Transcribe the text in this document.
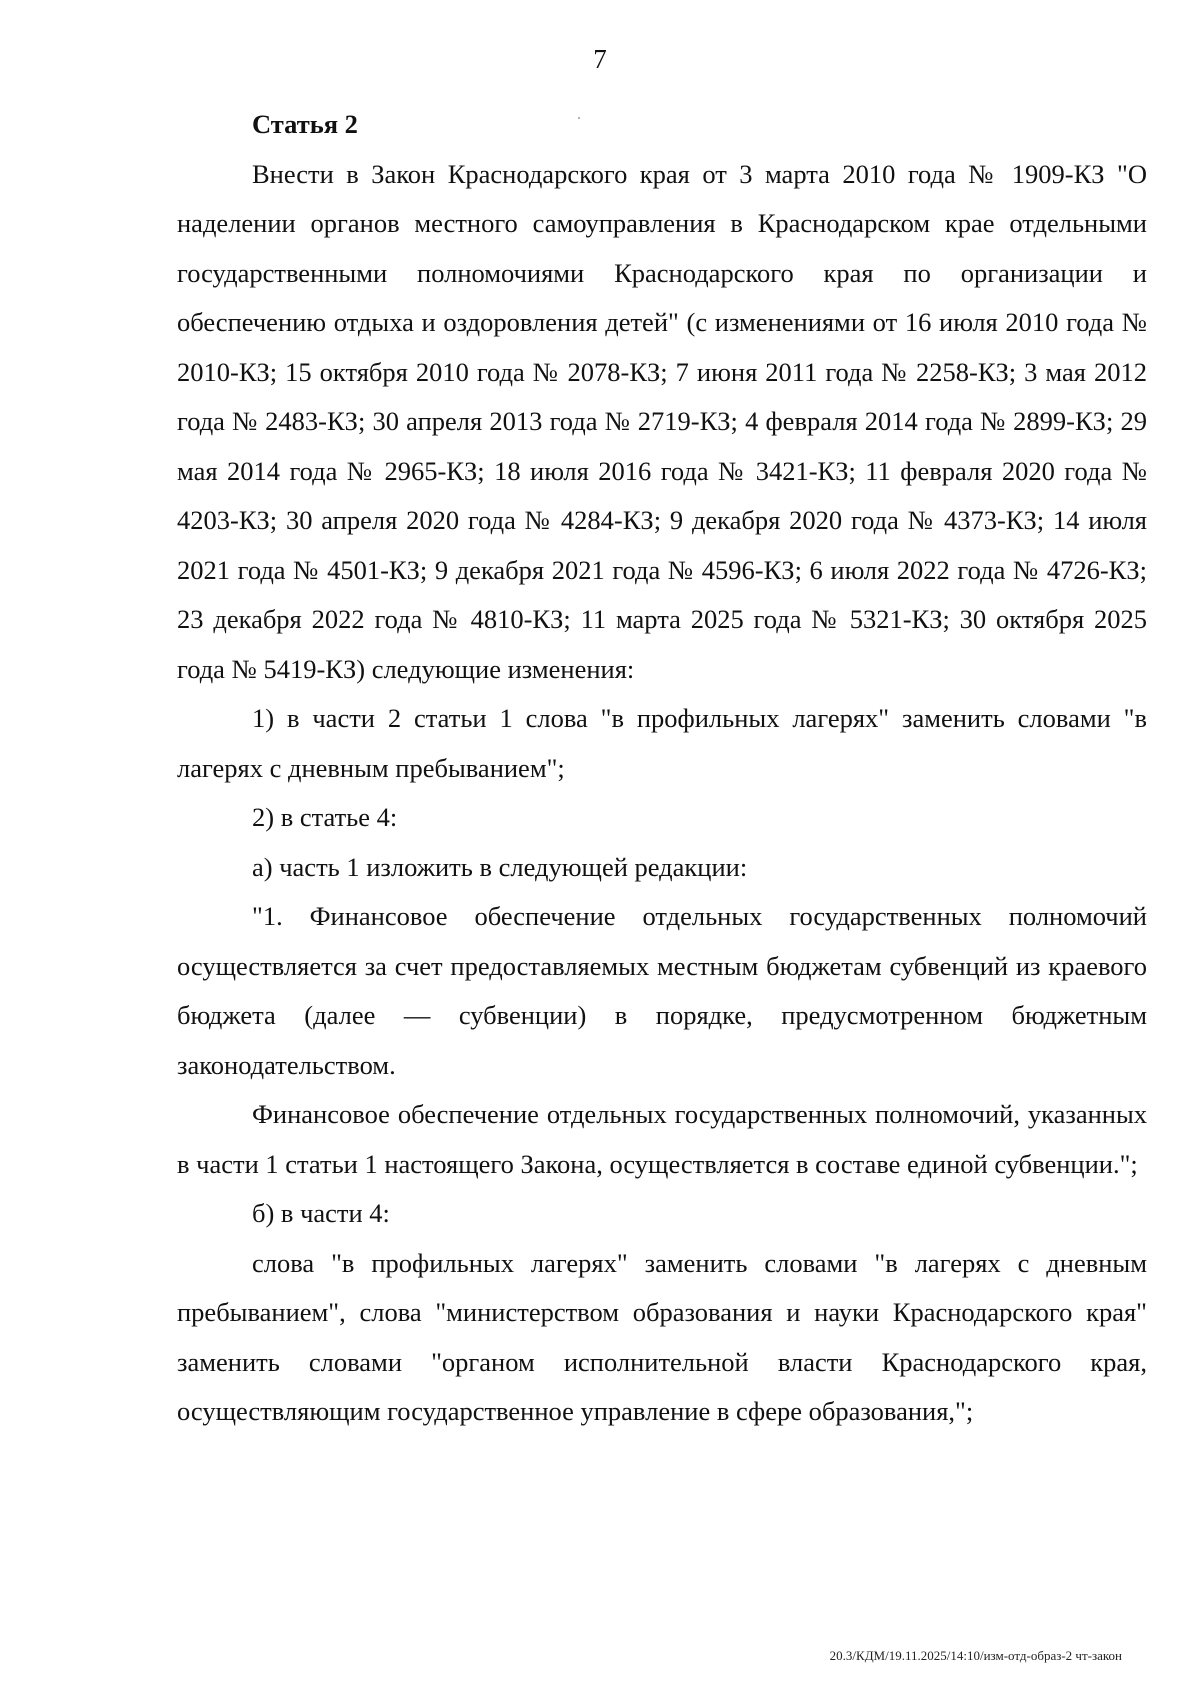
7

Статья 2

Внести в Закон Краснодарского края от 3 марта 2010 года № 1909-КЗ "О наделении органов местного самоуправления в Краснодарском крае отдельными государственными полномочиями Краснодарского края по организации и обеспечению отдыха и оздоровления детей" (с изменениями от 16 июля 2010 года № 2010-КЗ; 15 октября 2010 года № 2078-КЗ; 7 июня 2011 года № 2258-КЗ; 3 мая 2012 года № 2483-КЗ; 30 апреля 2013 года № 2719-КЗ; 4 февраля 2014 года № 2899-КЗ; 29 мая 2014 года № 2965-КЗ; 18 июля 2016 года № 3421-КЗ; 11 февраля 2020 года № 4203-КЗ; 30 апреля 2020 года № 4284-КЗ; 9 декабря 2020 года № 4373-КЗ; 14 июля 2021 года № 4501-КЗ; 9 декабря 2021 года № 4596-КЗ; 6 июля 2022 года № 4726-КЗ; 23 декабря 2022 года № 4810-КЗ; 11 марта 2025 года № 5321-КЗ; 30 октября 2025 года № 5419-КЗ) следующие изменения:

1) в части 2 статьи 1 слова "в профильных лагерях" заменить словами "в лагерях с дневным пребыванием";

2) в статье 4:

а) часть 1 изложить в следующей редакции:

"1. Финансовое обеспечение отдельных государственных полномочий осуществляется за счет предоставляемых местным бюджетам субвенций из краевого бюджета (далее — субвенции) в порядке, предусмотренном бюджетным законодательством.

Финансовое обеспечение отдельных государственных полномочий, указанных в части 1 статьи 1 настоящего Закона, осуществляется в составе единой субвенции.";

б) в части 4:

слова "в профильных лагерях" заменить словами "в лагерях с дневным пребыванием", слова "министерством образования и науки Краснодарского края" заменить словами "органом исполнительной власти Краснодарского края, осуществляющим государственное управление в сфере образования,";

20.3/КДМ/19.11.2025/14:10/изм-отд-образ-2 чт-закон
